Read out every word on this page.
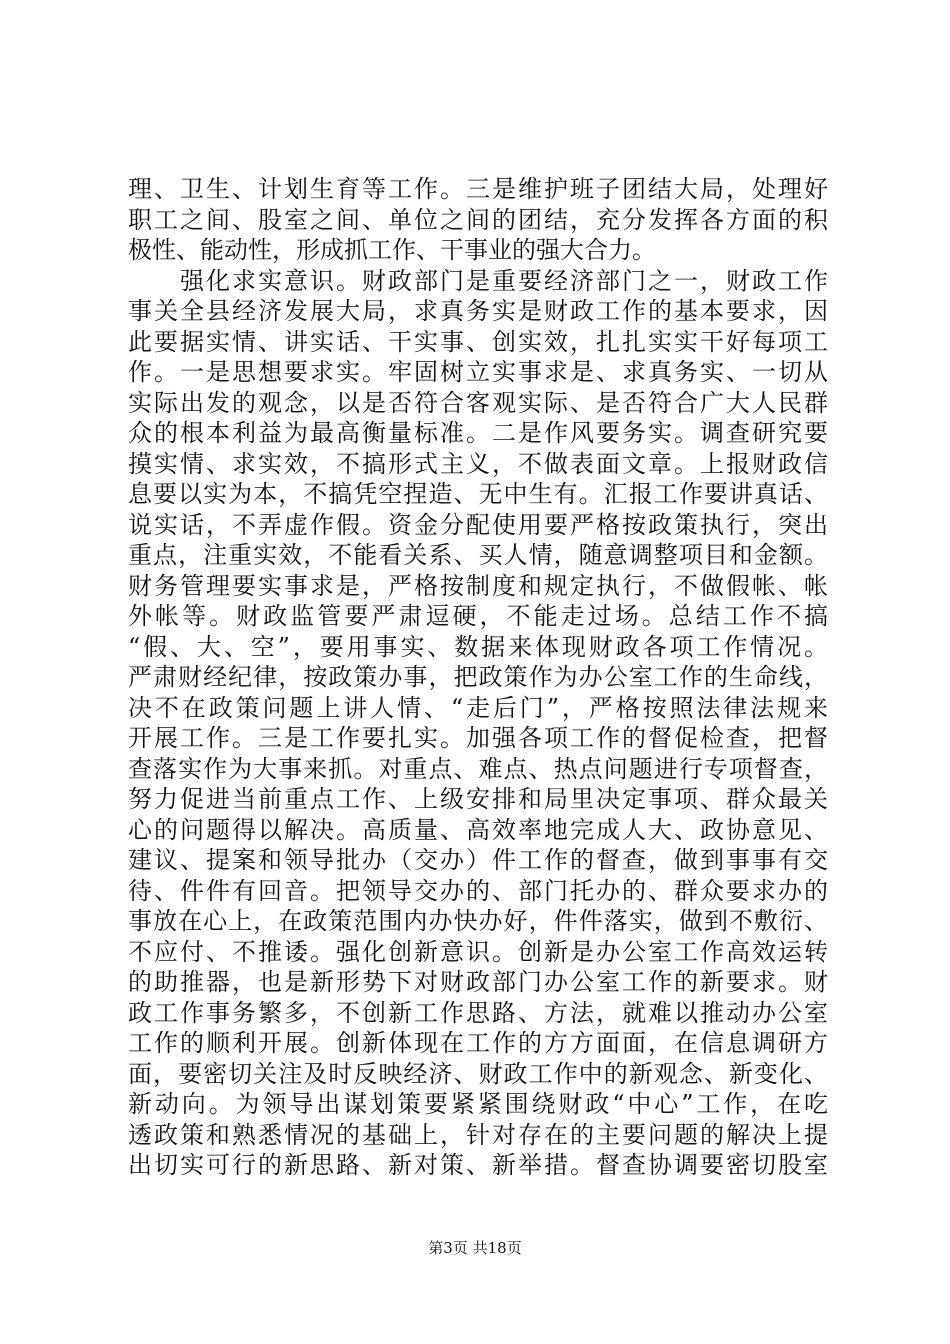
理、卫生、计划生育等工作。三是维护班子团结大局，处理好
职工之间、股室之间、单位之间的团结，充分发挥各方面的积
极性、能动性，形成抓工作、干事业的强大合力。
强化求实意识。财政部门是重要经济部门之一，财政工作
事关全县经济发展大局，求真务实是财政工作的基本要求，因
此要据实情、讲实话、干实事、创实效，扎扎实实干好每项工
作。一是思想要求实。牢固树立实事求是、求真务实、一切从
实际出发的观念，以是否符合客观实际、是否符合广大人民群
众的根本利益为最高衡量标准。二是作风要务实。调查研究要
摸实情、求实效，不搞形式主义，不做表面文章。上报财政信
息要以实为本，不搞凭空捏造、无中生有。汇报工作要讲真话、
说实话，不弄虚作假。资金分配使用要严格按政策执行，突出
重点，注重实效，不能看关系、买人情，随意调整项目和金额。
财务管理要实事求是，严格按制度和规定执行，不做假帐、帐
外帐等。财政监管要严肃逗硬，不能走过场。总结工作不搞
“假、大、空”，要用事实、数据来体现财政各项工作情况。
严肃财经纪律，按政策办事，把政策作为办公室工作的生命线，
决不在政策问题上讲人情、“走后门”，严格按照法律法规来
开展工作。三是工作要扎实。加强各项工作的督促检查，把督
查落实作为大事来抓。对重点、难点、热点问题进行专项督查，
努力促进当前重点工作、上级安排和局里决定事项、群众最关
心的问题得以解决。高质量、高效率地完成人大、政协意见、
建议、提案和领导批办（交办）件工作的督查，做到事事有交
待、件件有回音。把领导交办的、部门托办的、群众要求办的
事放在心上，在政策范围内办快办好，件件落实，做到不敷衍、
不应付、不推诿。强化创新意识。创新是办公室工作高效运转
的助推器，也是新形势下对财政部门办公室工作的新要求。财
政工作事务繁多，不创新工作思路、方法，就难以推动办公室
工作的顺利开展。创新体现在工作的方方面面，在信息调研方
面，要密切关注及时反映经济、财政工作中的新观念、新变化、
新动向。为领导出谋划策要紧紧围绕财政“中心”工作，在吃
透政策和熟悉情况的基础上，针对存在的主要问题的解决上提
出切实可行的新思路、新对策、新举措。督查协调要密切股室
第3页 共18页
